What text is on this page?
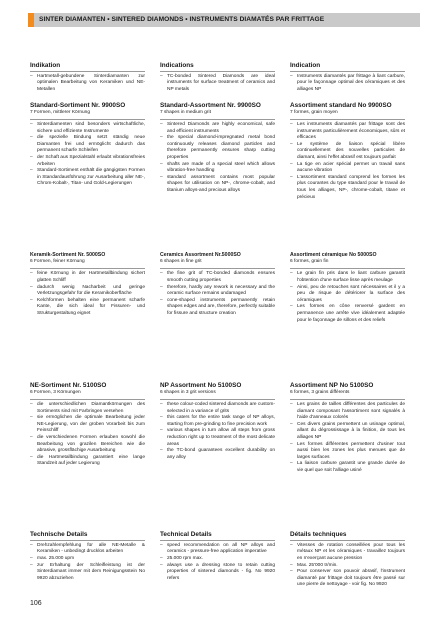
SINTER DIAMANTEN • SINTERED DIAMONDS • INSTRUMENTS DIAMATÉS PAR FRITTAGE
Indikation
– Hartmetall-gebundene Sinterdiamanten zur optimalen Bearbeitung von Keramiken und NE-Metallen
Standard-Sortiment Nr. 9900SO
7 Formen, mittlerer Körnung
– Sinterdiamenten sind besonders wirtschaftliche, sichere und effiziente Instrumente
– die spezielle Bindung setzt ständig neue Diamanten frei und ermöglicht dadurch das permanent scharfe Schleifen
– der Schaft aus Spezialstahl erlaubt vibrationsfreies Arbeiten
– Standard-Sortiment enthält die gängigsten Formen in Standardausführung zur Ausarbeitung aller NE-, Chrom-Kobalt-, Titan- und Gold-Legierungen
Keramik-Sortiment Nr. 5000SO
6 Formen, feiner Körnung
– feine Körnung in der Hartmetallbindung sichert glatten Schliff
– dadurch wenig Nacharbeit und geringe Verletzungsgefahr für die Keramikoberfläche
– Kelchformen behalten eine permanent scharfe Kante, die sich ideal für Fissuren- und Strukturgestaltung eignet
NE-Sortiment Nr. 5100SO
6 Formen, 3 Körnungen
– die unterschiedlichen Diamantkörnungen des Sortiments sind mit Farbringen versehen
– sie ermöglichen die optimale Bearbeitung jeder NE-Legierung, von der groben Vorarbeit bis zum Feinschliff
– die verschiedenen Formen erlauben sowohl die Bearbeitung von grazilen Bereichen wie die abrasive, grossflächige Ausarbeitung
– die Hartmetallbindung garantiert eine lange Standzeit auf jeder Legierung
Technische Details
– Drehzahlempfehlung für alle NE-Metalle & Keramiken - unbedingt drucklos arbeiten
– max. 25.000 upm
– zur Erhaltung der Schleifleistung ist der Sinterdiamant immer mit dem Reinigungsstein No 9920 abzuziehen
Indications
– TC-bonded Sintered Diamonds are ideal instruments for surface treatment of ceramics and NP metals
Standard-Assortment Nr. 9900SO
7 shapes in medium grit
– Sintered Diamonds are highly economical, safe and efficient instruments
– the special diamond-impregnated metal bond continuously releases diamond particles and therefore permanently ensures sharp cutting properties
– shafts are made of a special steel which allows vibration-free handling
– standard assortment contains most popular shapes for utilisation on NP-, chrome-cobalt, and titanium alloys-and precious alloys
Ceramics Assortment Nr.5000SO
6 shapes in fine grit
– the fine grit of TC-bonded diamonds ensures smooth cutting properties
– therefore, hardly any rework is necessary and the ceramic surface remains undamaged
– cone-shaped instruments permanently retain shapes edges and are, therefore, perfectly suitable for fissure and structure creation
NP Assortment No 5100SO
6 shapes in 3 grit versions
– these colour-coded sintered diamonds are custom-selected in a variance of grits
– this caters for the entire task range of NP alloys, starting from pre-grinding to fine precision work
– various shapes in turn allow all steps from gross reduction right up to treatment of the most delicate areas
– the TC-bond guarantees excellent durability on any alloy
Technical Details
– speed recommendation on all NP alloys and ceramics - pressure-free application imperative
– 25.000 rpm max.
– always use a dressing stone to retain cutting properties of sintered diamonds - fig. No 9920 refers
Indication
– Instruments diamantés par frittage à liant carbure, pour le façonnage optimal des céramiques et des alliages NP
Assortiment standard No 9900SO
7 formes, grain moyen
– Les instruments diamantés par frittage sont des instruments particulièrement économiques, sûrs et efficaces
– Le système de liaison spécial libère continuellement des nouvelles particules de diamant, ainsi l'effet abrasif est toujours parfait
– La tige en acier spécial permet un travail sans aucune vibration
– L'assortiment standard comprend les formes les plus courantes du type standard pour le travail de tous les alliages, NP-, chrome-cobalt, titane et précieux
Assortiment céramique No 5000SO
6 formes, grain fin
– Le grain fin pris dans le liant carbure garantit l'obtention d'une surface lisse après meulage
– Ainsi, peu de retouches sont nécessaires et il y a peu de risque de détériorer la surface des céramiques
– Les formes en cône renversé gardent en permanence une arrête vive idéalement adaptée pour le façonnage de sillons et des reliefs
Assortiment NP No 5100SO
6 formes, 3 grains différents
– Les grains de tailles différentes des particules de diamant composant l'assortiment sont signalés à l'aide d'anneaux colorés
– Ces divers grains permettent un usinage optimal, allant du dégrossissage à la finition, de tous les alliages NP
– Les formes différentes permettent d'usiner tout aussi bien les zones les plus menues que de larges surfaces
– La liaison carbure garantit une grande durée de vie quel que soit l'alliage usiné
Détails techniques
– Vitesses de rotation conseillées pour tous les métaux NP et les céramiques - travaillez toujours en n'exerçant aucune pression
– Max. 25'000 tr/min.
– Pour conserver son pouvoir abrasif, l'instrument diamanté par frittage doit toujours être passé sur une pierre de nettoyage - voir fig. No 9920
106
